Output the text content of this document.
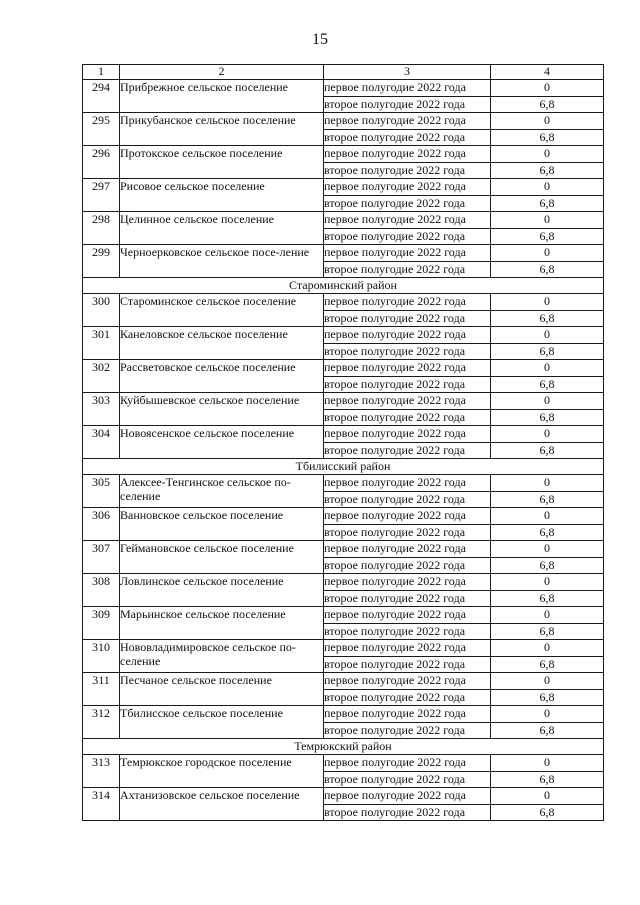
15
1	2	3	4
294	Прибрежное сельское поселение	первое полугодие 2022 года	0
		второе полугодие 2022 года	6,8
295	Прикубанское сельское поселение	первое полугодие 2022 года	0
		второе полугодие 2022 года	6,8
296	Протокское сельское поселение	первое полугодие 2022 года	0
		второе полугодие 2022 года	6,8
297	Рисовое сельское поселение	первое полугодие 2022 года	0
		второе полугодие 2022 года	6,8
298	Целинное сельское поселение	первое полугодие 2022 года	0
		второе полугодие 2022 года	6,8
299	Черноерковское сельское посе-ление	первое полугодие 2022 года	0
		второе полугодие 2022 года	6,8
Староминский район			
300	Староминское сельское поселение	первое полугодие 2022 года	0
		второе полугодие 2022 года	6,8
301	Канеловское сельское поселение	первое полугодие 2022 года	0
		второе полугодие 2022 года	6,8
302	Рассветовское сельское поселение	первое полугодие 2022 года	0
		второе полугодие 2022 года	6,8
303	Куйбышевское сельское поселение	первое полугодие 2022 года	0
		второе полугодие 2022 года	6,8
304	Новоясенское сельское поселение	первое полугодие 2022 года	0
		второе полугодие 2022 года	6,8
Тбилисский район			
305	Алексее-Тенгинское сельское по-селение	первое полугодие 2022 года	0
		второе полугодие 2022 года	6,8
306	Ванновское сельское поселение	первое полугодие 2022 года	0
		второе полугодие 2022 года	6,8
307	Геймановское сельское поселение	первое полугодие 2022 года	0
		второе полугодие 2022 года	6,8
308	Ловлинское сельское поселение	первое полугодие 2022 года	0
		второе полугодие 2022 года	6,8
309	Марьинское сельское поселение	первое полугодие 2022 года	0
		второе полугодие 2022 года	6,8
310	Нововладимировское сельское по-селение	первое полугодие 2022 года	0
		второе полугодие 2022 года	6,8
311	Песчаное сельское поселение	первое полугодие 2022 года	0
		второе полугодие 2022 года	6,8
312	Тбилисское сельское поселение	первое полугодие 2022 года	0
		второе полугодие 2022 года	6,8
Темрюкский район			
313	Темрюкское городское поселение	первое полугодие 2022 года	0
		второе полугодие 2022 года	6,8
314	Ахтанизовское сельское поселение	первое полугодие 2022 года	0
		второе полугодие 2022 года	6,8
